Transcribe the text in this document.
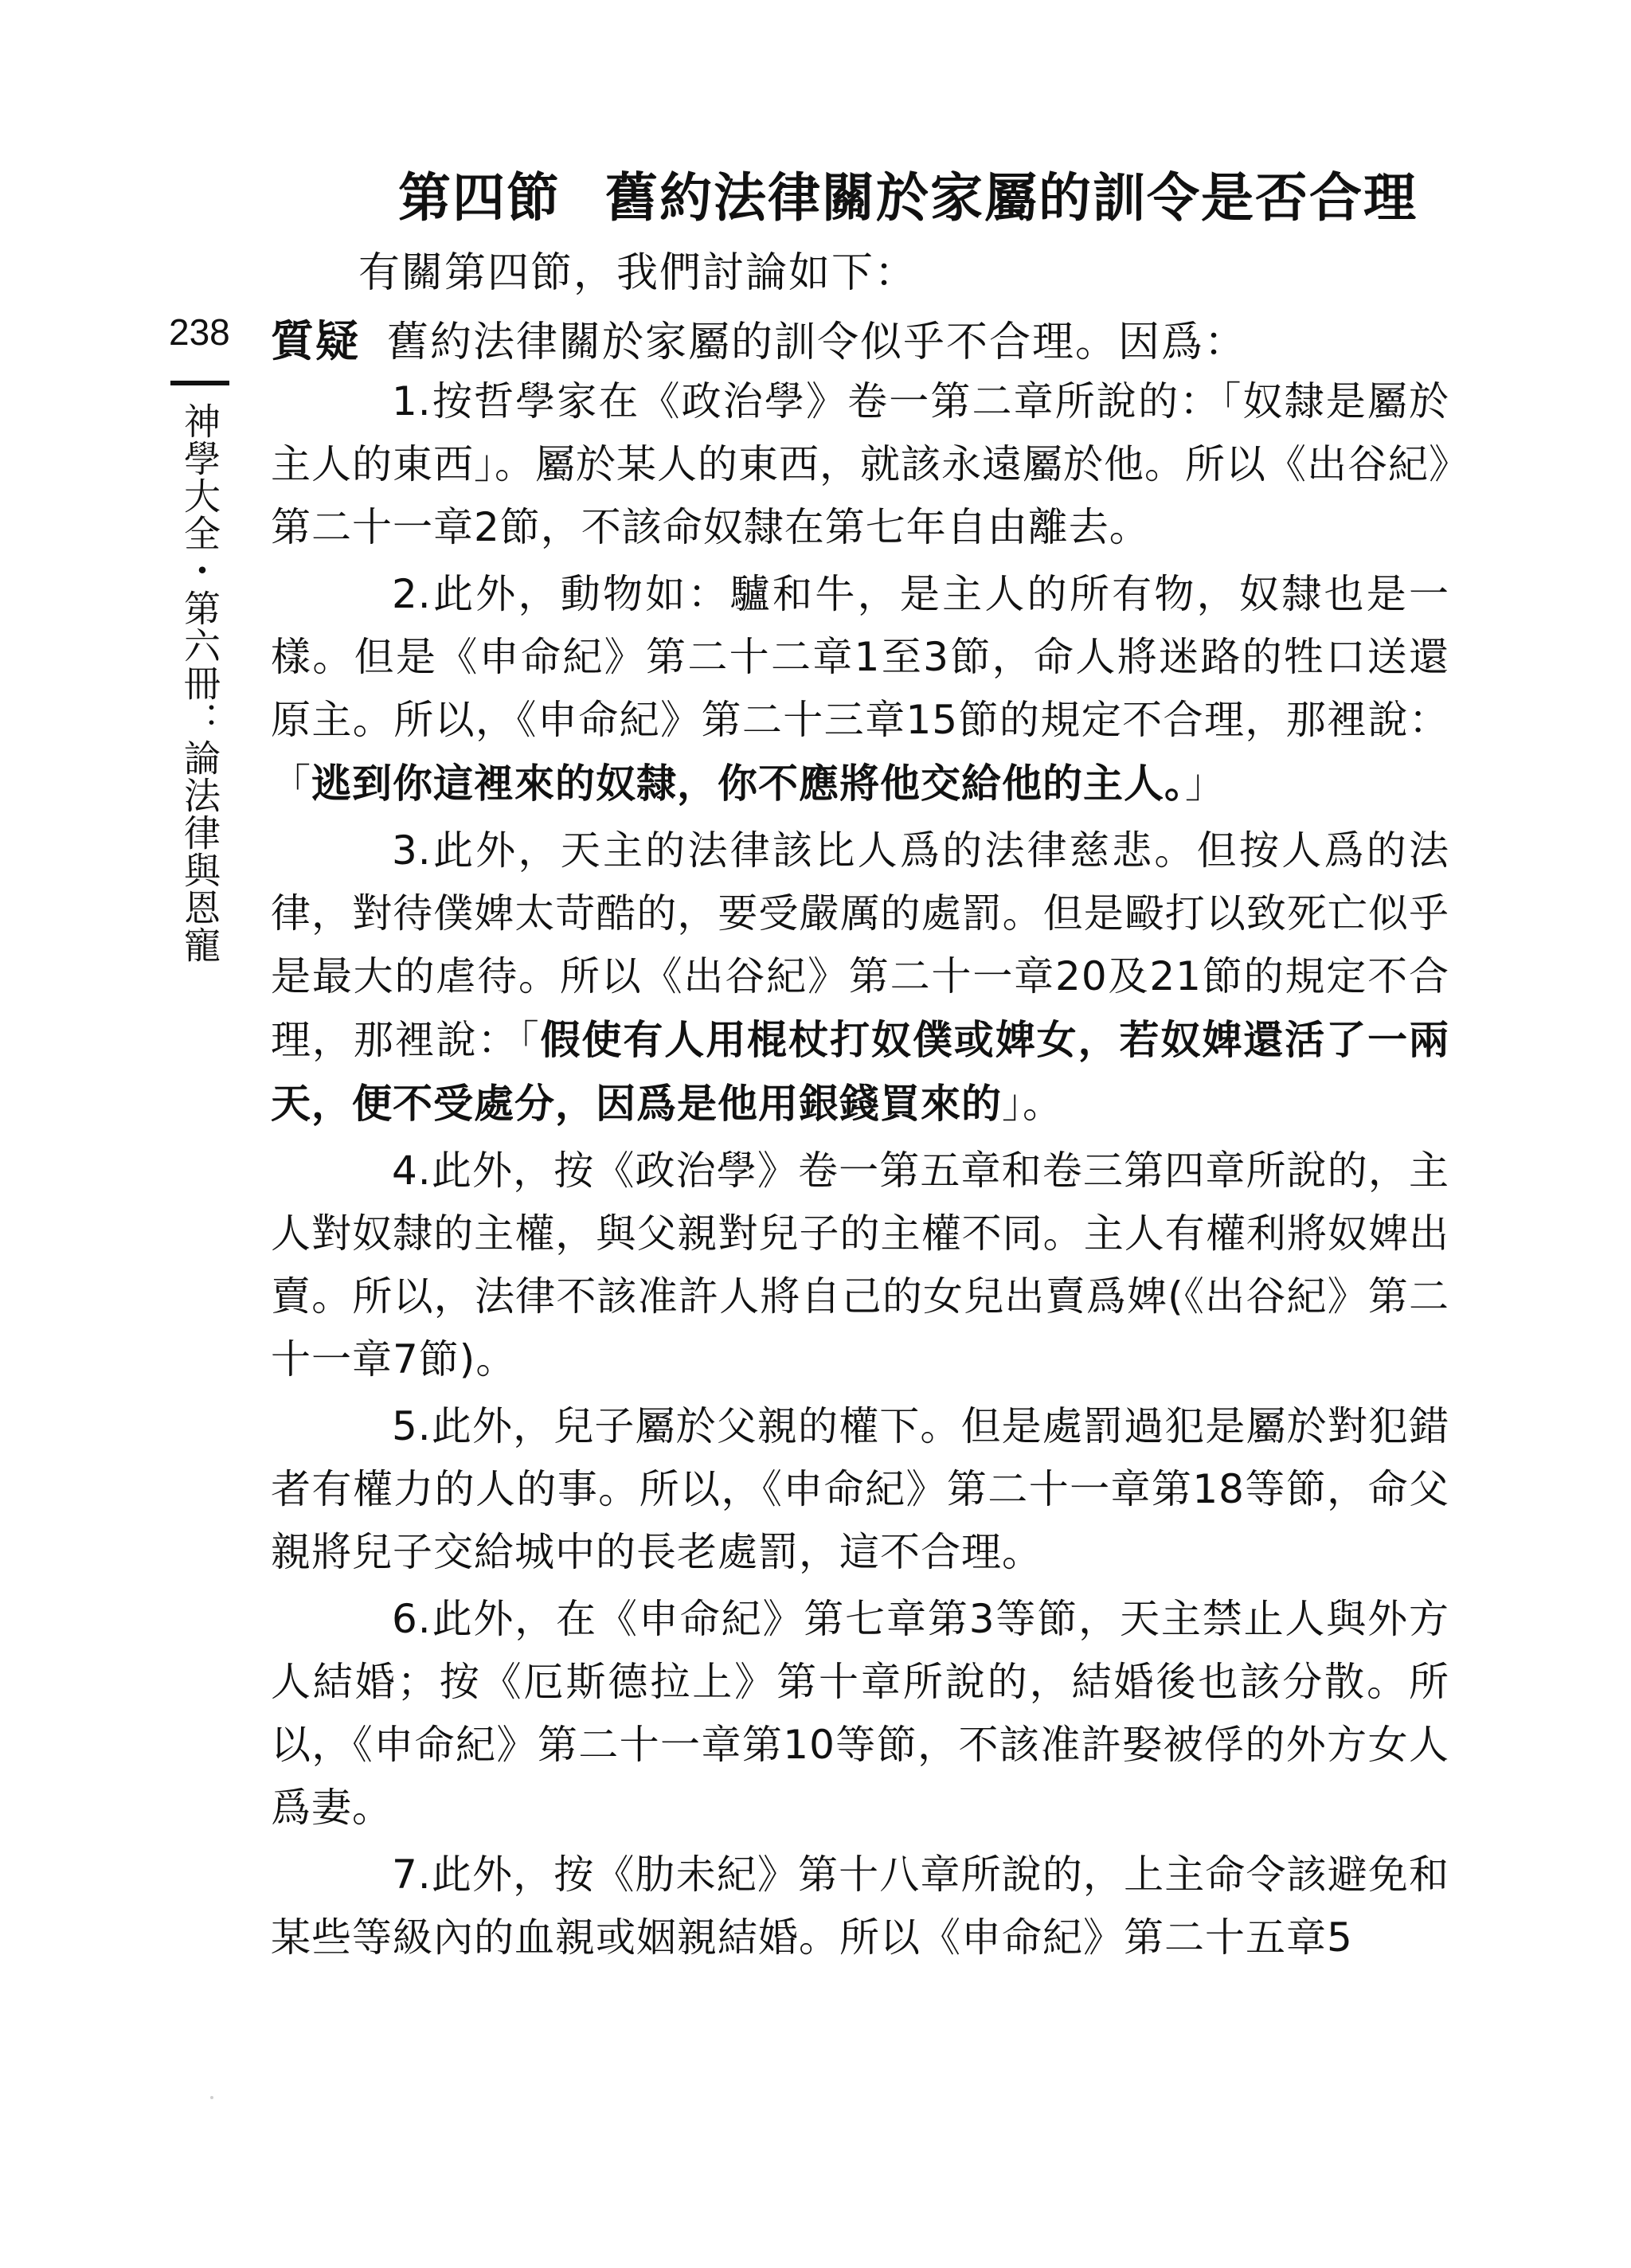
第四節 舊約法律關於家屬的訓令是否合理
有關第四節，我們討論如下：
238
神學大全・第六冊：論法律與恩寵
質疑 舊約法律關於家屬的訓令似乎不合理。因爲：

1.按哲學家在《政治學》卷一第二章所說的：「奴隸是屬於主人的東西」。屬於某人的東西，就該永遠屬於他。所以《出谷紀》第二十一章2節，不該命奴隸在第七年自由離去。

2.此外，動物如：驢和牛，是主人的所有物，奴隸也是一樣。但是《申命紀》第二十二章1至3節，命人將迷路的牲口送還原主。所以，《申命紀》第二十三章15節的規定不合理，那裡說：「逃到你這裡來的奴隸，你不應將他交給他的主人。」

3.此外，天主的法律該比人爲的法律慈悲。但按人爲的法律，對待僕婢太苛酷的，要受嚴厲的處罰。但是毆打以致死亡似乎是最大的虐待。所以《出谷紀》第二十一章20及21節的規定不合理，那裡說：「假使有人用棍杖打奴僕或婢女，若奴婢還活了一兩天，便不受處分，因爲是他用銀錢買來的」。

4.此外，按《政治學》卷一第五章和卷三第四章所說的，主人對奴隸的主權，與父親對兒子的主權不同。主人有權利將奴婢出賣。所以，法律不該准許人將自己的女兒出賣爲婢(《出谷紀》第二十一章7節)。

5.此外，兒子屬於父親的權下。但是處罰過犯是屬於對犯錯者有權力的人的事。所以，《申命紀》第二十一章第18等節，命父親將兒子交給城中的長老處罰，這不合理。

6.此外，在《申命紀》第七章第3等節，天主禁止人與外方人結婚；按《厄斯德拉上》第十章所說的，結婚後也該分散。所以，《申命紀》第二十一章第10等節，不該准許娶被俘的外方女人爲妻。

7.此外，按《肋未紀》第十八章所說的，上主命令該避免和某些等級內的血親或姻親結婚。所以《申命紀》第二十五章5
